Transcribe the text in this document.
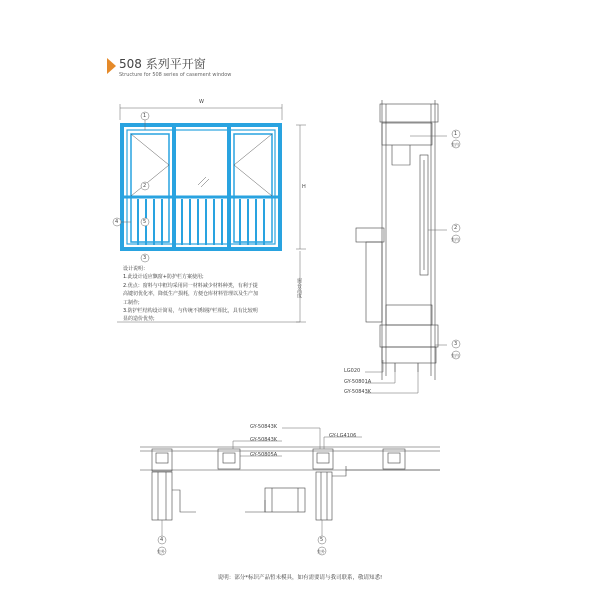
508 系列平开窗
Structure for 508 series of casement window
W
H
窗台高度
1
2
3
4	5
设计说明：
1.此设计适应飘窗+防护栏方案使用;
2.优点：窗料与中框均采用同一材料减少材料种类，有利于提
高键切优化率，降低生产损耗，方便仓库材料管理以及生产加
工制作;
3.防护栏结构设计简易，与传统不锈钢护栏相比，具有比较明
显的造价优势;
1
室内
2
室内
3
室内
LG020
GY-50801A
GY-50843K
GY-50843K
GY-50843K
GY-50805A
GY-LG4106
4
室外
5
室外
说明：部分*标识产品暂未模具，如有需要请与我司联系，敬请知悉!
